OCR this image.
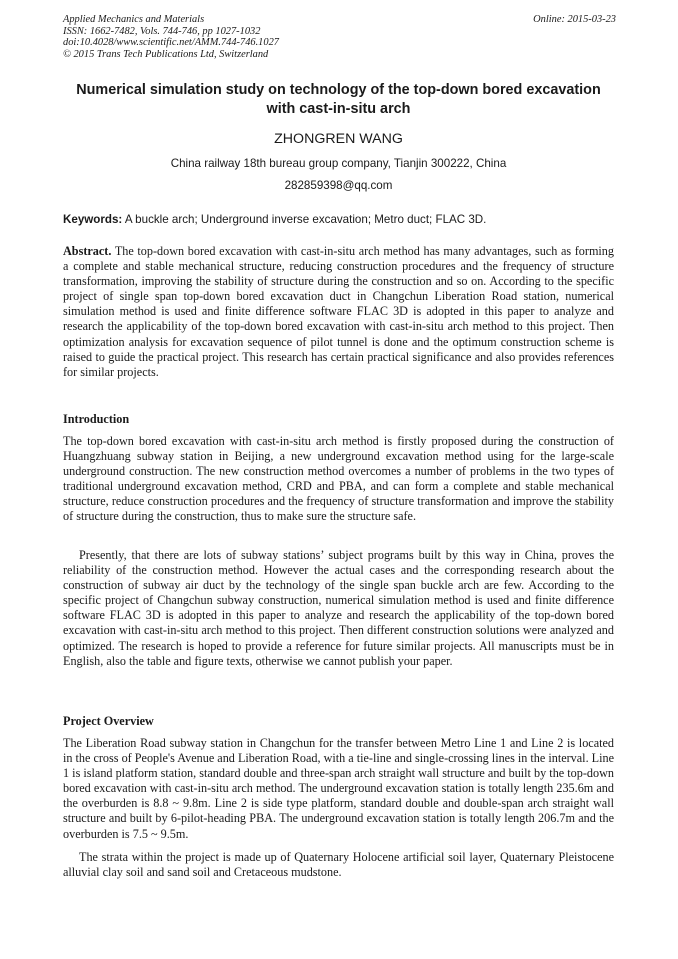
Applied Mechanics and Materials
ISSN: 1662-7482, Vols. 744-746, pp 1027-1032
doi:10.4028/www.scientific.net/AMM.744-746.1027
© 2015 Trans Tech Publications Ltd, Switzerland
Online: 2015-03-23
Numerical simulation study on technology of the top-down bored excavation with cast-in-situ arch
ZHONGREN WANG
China railway 18th bureau group company, Tianjin 300222, China
282859398@qq.com
Keywords: A buckle arch; Underground inverse excavation; Metro duct; FLAC 3D.

Abstract. The top-down bored excavation with cast-in-situ arch method has many advantages, such as forming a complete and stable mechanical structure, reducing construction procedures and the frequency of structure transformation, improving the stability of structure during the construction and so on. According to the specific project of single span top-down bored excavation duct in Changchun Liberation Road station, numerical simulation method is used and finite difference software FLAC 3D is adopted in this paper to analyze and research the applicability of the top-down bored excavation with cast-in-situ arch method to this project. Then optimization analysis for excavation sequence of pilot tunnel is done and the optimum construction scheme is raised to guide the practical project. This research has certain practical significance and also provides references for similar projects.

Introduction

The top-down bored excavation with cast-in-situ arch method is firstly proposed during the construction of Huangzhuang subway station in Beijing, a new underground excavation method using for the large-scale underground construction. The new construction method overcomes a number of problems in the two types of traditional underground excavation method, CRD and PBA, and can form a complete and stable mechanical structure, reduce construction procedures and the frequency of structure transformation and improve the stability of structure during the construction, thus to make sure the structure safe.

Presently, that there are lots of subway stations’ subject programs built by this way in China, proves the reliability of the construction method. However the actual cases and the corresponding research about the construction of subway air duct by the technology of the single span buckle arch are few. According to the specific project of Changchun subway construction, numerical simulation method is used and finite difference software FLAC 3D is adopted in this paper to analyze and research the applicability of the top-down bored excavation with cast-in-situ arch method to this project. Then different construction solutions were analyzed and optimized. The research is hoped to provide a reference for future similar projects. All manuscripts must be in English, also the table and figure texts, otherwise we cannot publish your paper.

Project Overview

The Liberation Road subway station in Changchun for the transfer between Metro Line 1 and Line 2 is located in the cross of People's Avenue and Liberation Road, with a tie-line and single-crossing lines in the interval. Line 1 is island platform station, standard double and three-span arch straight wall structure and built by the top-down bored excavation with cast-in-situ arch method. The underground excavation station is totally length 235.6m and the overburden is 8.8 ~ 9.8m. Line 2 is side type platform, standard double and double-span arch straight wall structure and built by 6-pilot-heading PBA. The underground excavation station is totally length 206.7m and the overburden is 7.5 ~ 9.5m.

The strata within the project is made up of Quaternary Holocene artificial soil layer, Quaternary Pleistocene alluvial clay soil and sand soil and Cretaceous mudstone.
